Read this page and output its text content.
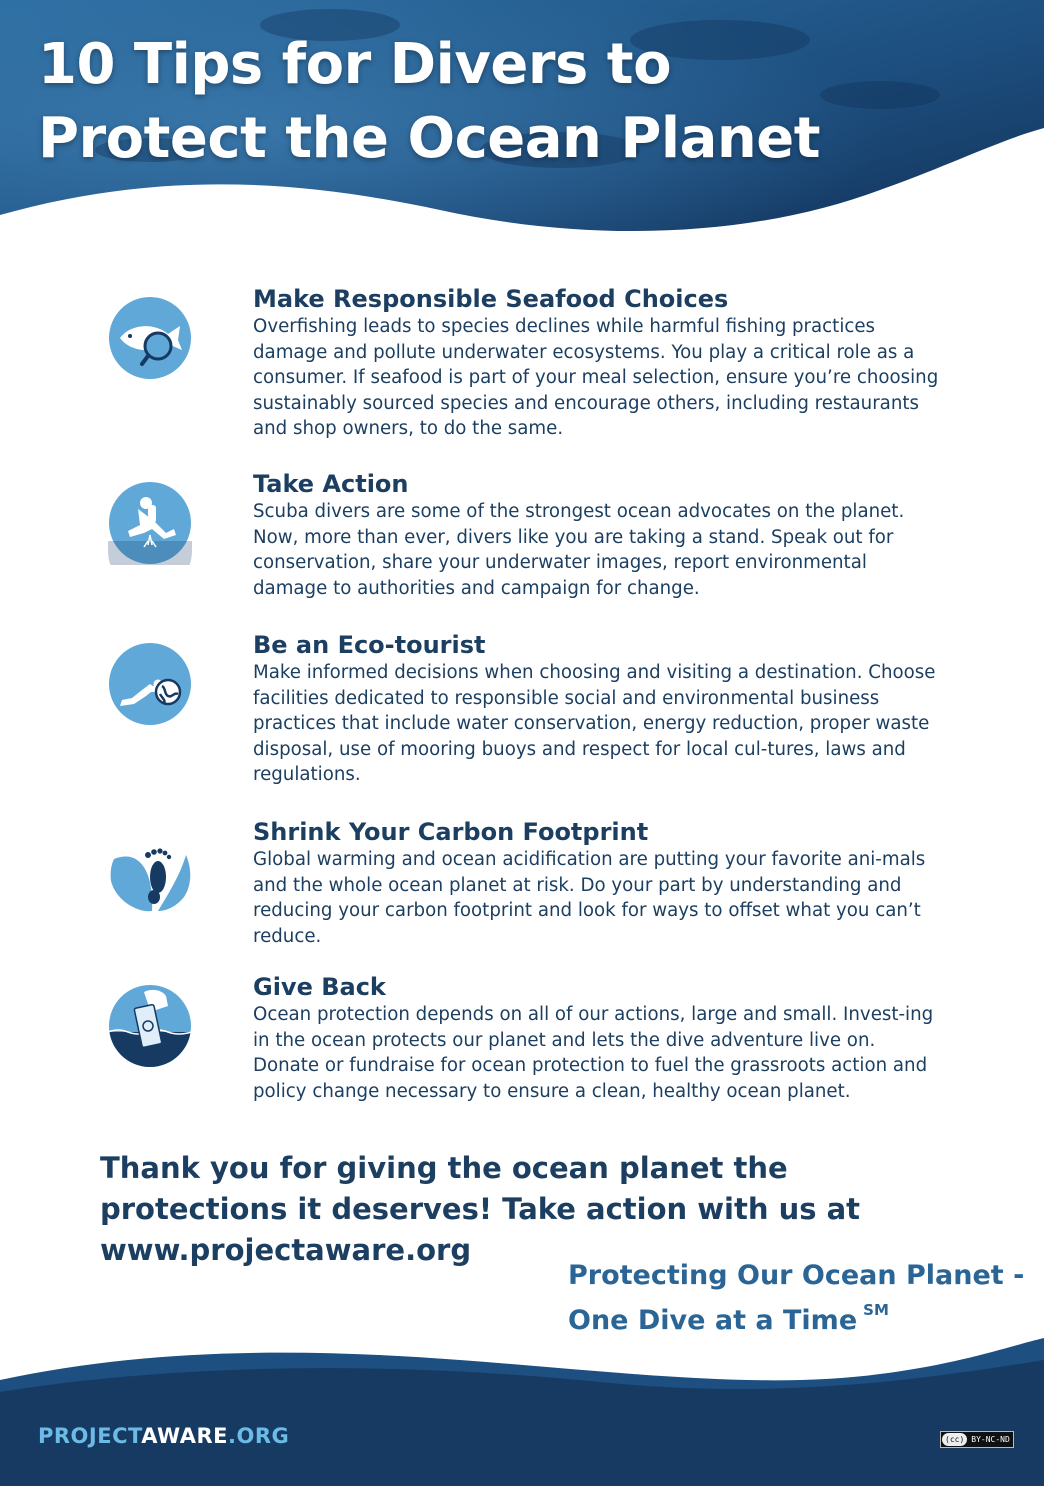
10 Tips for Divers to
Protect the Ocean Planet
Make Responsible Seafood Choices

Overfishing leads to species declines while harmful fishing practices damage and pollute underwater ecosystems. You play a critical role as a consumer. If seafood is part of your meal selection, ensure you’re choosing sustainably sourced species and encourage others, including restaurants and shop owners, to do the same.

Take Action

Scuba divers are some of the strongest ocean advocates on the planet. Now, more than ever, divers like you are taking a stand. Speak out for conservation, share your underwater images, report environmental damage to authorities and campaign for change.

Be an Eco-tourist

Make informed decisions when choosing and visiting a destination. Choose facilities dedicated to responsible social and environmental business practices that include water conservation, energy reduction, proper waste disposal, use of mooring buoys and respect for local cul-tures, laws and regulations.

Shrink Your Carbon Footprint

Global warming and ocean acidification are putting your favorite ani-mals and the whole ocean planet at risk. Do your part by understanding and reducing your carbon footprint and look for ways to offset what you can’t reduce.

Give Back

Ocean protection depends on all of our actions, large and small. Invest-ing in the ocean protects our planet and lets the dive adventure live on. Donate or fundraise for ocean protection to fuel the grassroots action and policy change necessary to ensure a clean, healthy ocean planet.

Thank you for giving the ocean planet the protections it deserves! Take action with us at www.projectaware.org

Protecting Our Ocean Planet -
One Dive at a Time ℠

PROJECTAWARE.ORG	(cc) BY-NC-ND
